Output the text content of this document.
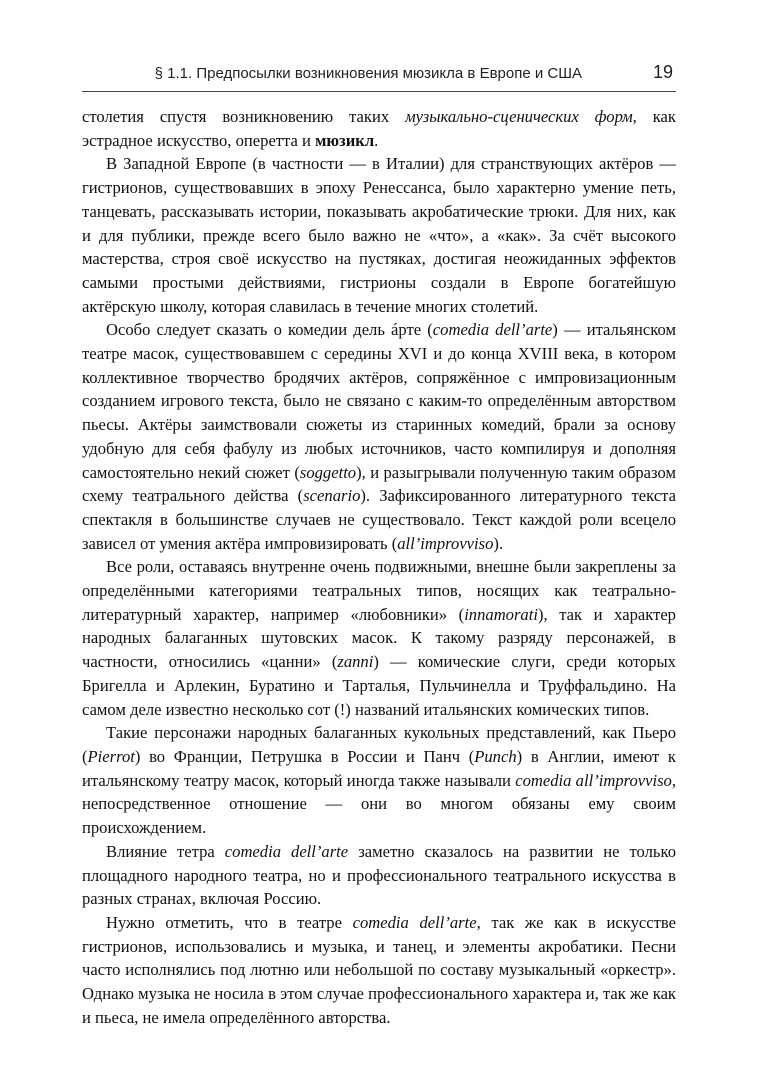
§ 1.1. Предпосылки возникновения мюзикла в Европе и США	19

столетия спустя возникновению таких музыкально-сценических форм, как эстрадное искусство, оперетта и мюзикл.

В Западной Европе (в частности — в Италии) для странствующих актёров — гистрионов, существовавших в эпоху Ренессанса, было характерно умение петь, танцевать, рассказывать истории, показывать акробатические трюки. Для них, как и для публики, прежде всего было важно не «что», а «как». За счёт высокого мастерства, строя своё искусство на пустяках, достигая неожиданных эффектов самыми простыми действиями, гистрионы создали в Европе богатейшую актёрскую школу, которая славилась в течение многих столетий.

Особо следует сказать о комедии дель áрте (comedia dell’arte) — итальянском театре масок, существовавшем с середины XVI и до конца XVIII века, в котором коллективное творчество бродячих актёров, сопряжённое с импровизационным созданием игрового текста, было не связано с каким-то определённым авторством пьесы. Актёры заимствовали сюжеты из старинных комедий, брали за основу удобную для себя фабулу из любых источников, часто компилируя и дополняя самостоятельно некий сюжет (soggetto), и разыгрывали полученную таким образом схему театрального действа (scenario). Зафиксированного литературного текста спектакля в большинстве случаев не существовало. Текст каждой роли всецело зависел от умения актёра импровизировать (all’improvviso).

Все роли, оставаясь внутренне очень подвижными, внешне были закреплены за определёнными категориями театральных типов, носящих как театрально-литературный характер, например «любовники» (innamorati), так и характер народных балаганных шутовских масок. К такому разряду персонажей, в частности, относились «цанни» (zanni) — комические слуги, среди которых Бригелла и Арлекин, Буратино и Тарталья, Пульчинелла и Труффальдино. На самом деле известно несколько сот (!) названий итальянских комических типов.

Такие персонажи народных балаганных кукольных представлений, как Пьеро (Pierrot) во Франции, Петрушка в России и Панч (Punch) в Англии, имеют к итальянскому театру масок, который иногда также называли comedia all’improvviso, непосредственное отношение — они во многом обязаны ему своим происхождением.

Влияние тетра comedia dell’arte заметно сказалось на развитии не только площадного народного театра, но и профессионального театрального искусства в разных странах, включая Россию.

Нужно отметить, что в театре comedia dell’arte, так же как в искусстве гистрионов, использовались и музыка, и танец, и элементы акробатики. Песни часто исполнялись под лютню или небольшой по составу музыкальный «оркестр». Однако музыка не носила в этом случае профессионального характера и, так же как и пьеса, не имела определённого авторства.
